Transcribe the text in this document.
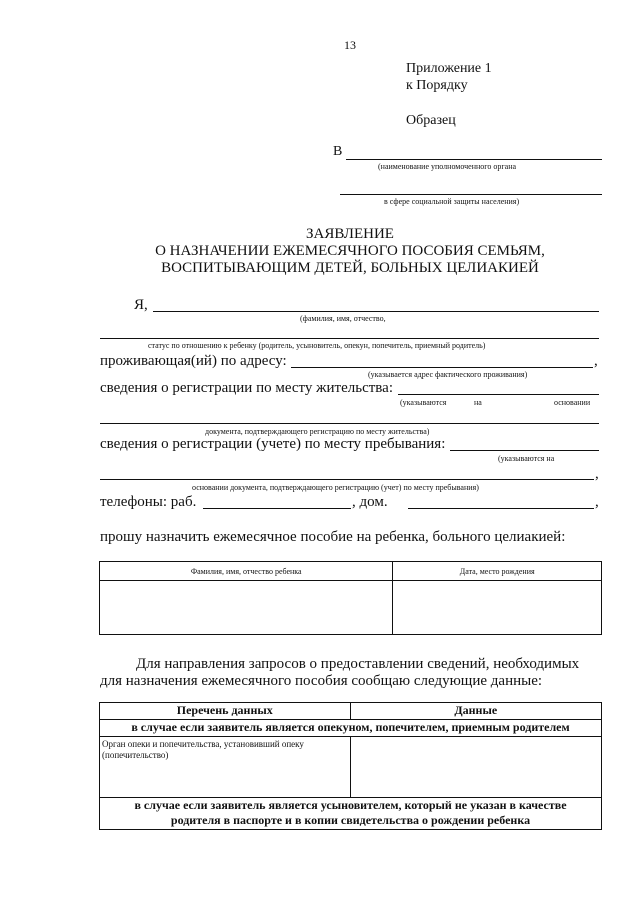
13
Приложение 1
к Порядку
Образец
В
(наименование уполномоченного органа
в сфере социальной защиты населения)
ЗАЯВЛЕНИЕ
О НАЗНАЧЕНИИ ЕЖЕМЕСЯЧНОГО ПОСОБИЯ СЕМЬЯМ,
ВОСПИТЫВАЮЩИМ ДЕТЕЙ, БОЛЬНЫХ ЦЕЛИАКИЕЙ
Я,
(фамилия, имя, отчество,
статус по отношению к ребенку (родитель, усыновитель, опекун, попечитель, приемный родитель)
проживающая(ий) по адресу:	,
(указывается адрес фактического проживания)
сведения о регистрации по месту жительства:
(указываются	на	основании
документа, подтверждающего регистрацию по месту жительства)
сведения о регистрации (учете) по месту пребывания:
(указываются на
,
основании документа, подтверждающего регистрацию (учет) по месту пребывания)
телефоны: раб.	, дом.	,
прошу назначить ежемесячное пособие на ребенка, больного целиакией:
Фамилия, имя, отчество ребенка	Дата, место рождения

Для направления запросов о предоставлении сведений, необходимых
для назначения ежемесячного пособия сообщаю следующие данные:
Перечень данных	Данные

в случае если заявитель является опекуном, попечителем, приемным родителем	

Орган опеки и попечительства, установивший опеку (попечительство)	

в случае если заявитель является усыновителем, который не указан в качестве
родителя в паспорте и в копии свидетельства о рождении ребенка	
